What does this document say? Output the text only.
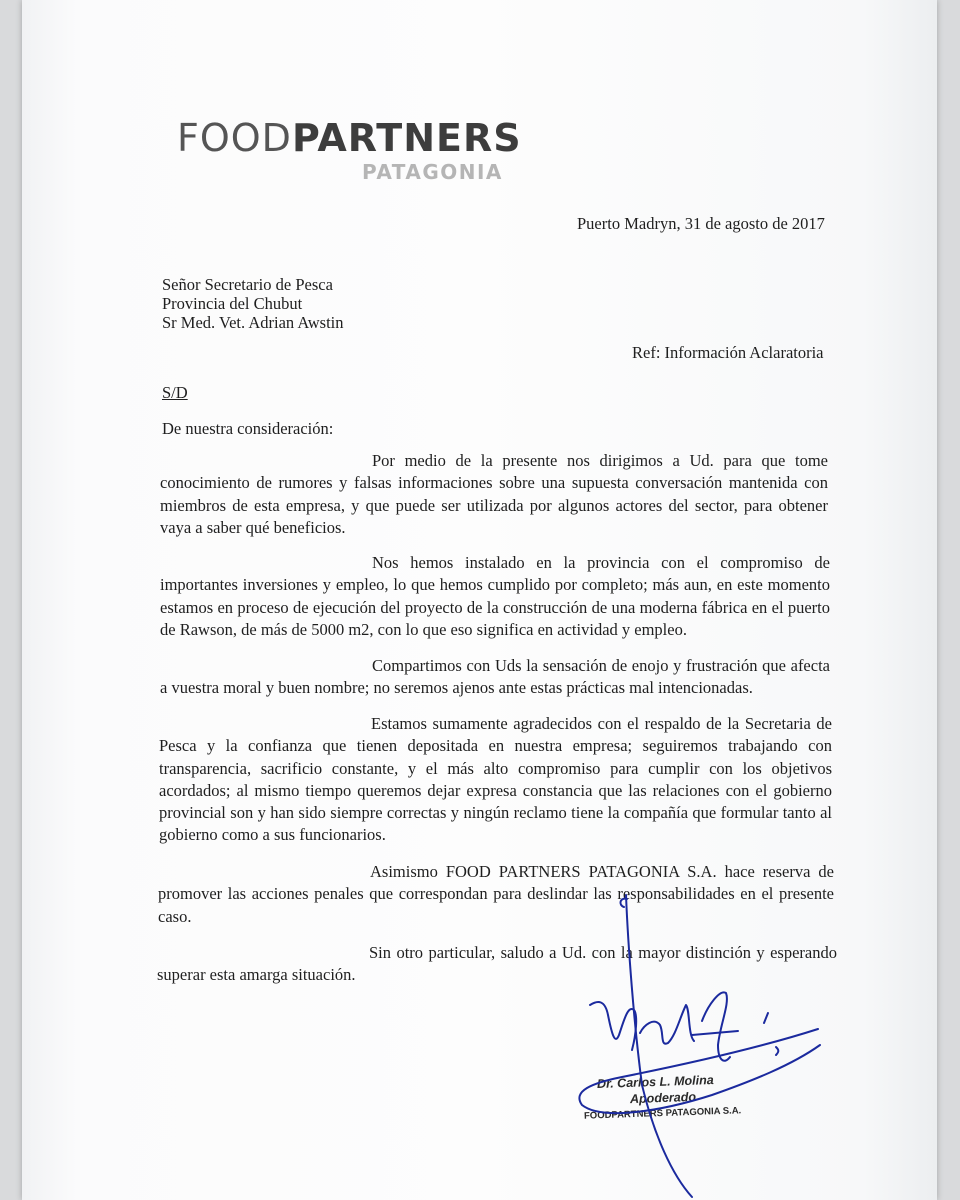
FOODPARTNERS
PATAGONIA
Puerto Madryn, 31 de agosto de 2017
Señor Secretario de Pesca
Provincia del Chubut
Sr Med. Vet. Adrian Awstin
Ref: Información Aclaratoria
S/D
De nuestra consideración:
Por medio de la presente nos dirigimos a Ud. para que tome conocimiento de rumores y falsas informaciones sobre una supuesta conversación mantenida con miembros de esta empresa, y que puede ser utilizada por algunos actores del sector, para obtener vaya a saber qué beneficios.
Nos hemos instalado en la provincia con el compromiso de importantes inversiones y empleo, lo que hemos cumplido por completo; más aun, en este momento estamos en proceso de ejecución del proyecto de la construcción de una moderna fábrica en el puerto de Rawson, de más de 5000 m2, con lo que eso significa en actividad y empleo.
Compartimos con Uds la sensación de enojo y frustración que afecta a vuestra moral y buen nombre; no seremos ajenos ante estas prácticas mal intencionadas.
Estamos sumamente agradecidos con el respaldo de la Secretaria de Pesca y la confianza que tienen depositada en nuestra empresa; seguiremos trabajando con transparencia, sacrificio constante, y el más alto compromiso para cumplir con los objetivos acordados; al mismo tiempo queremos dejar expresa constancia que las relaciones con el gobierno provincial son y han sido siempre correctas y ningún reclamo tiene la compañía que formular tanto al gobierno como a sus funcionarios.
Asimismo FOOD PARTNERS PATAGONIA S.A. hace reserva de promover las acciones penales que correspondan para deslindar las responsabilidades en el presente caso.
Sin otro particular, saludo a Ud. con la mayor distinción y esperando superar esta amarga situación.
Dr. Carlos L. Molina
Apoderado
FOODPARTNERS PATAGONIA S.A.
